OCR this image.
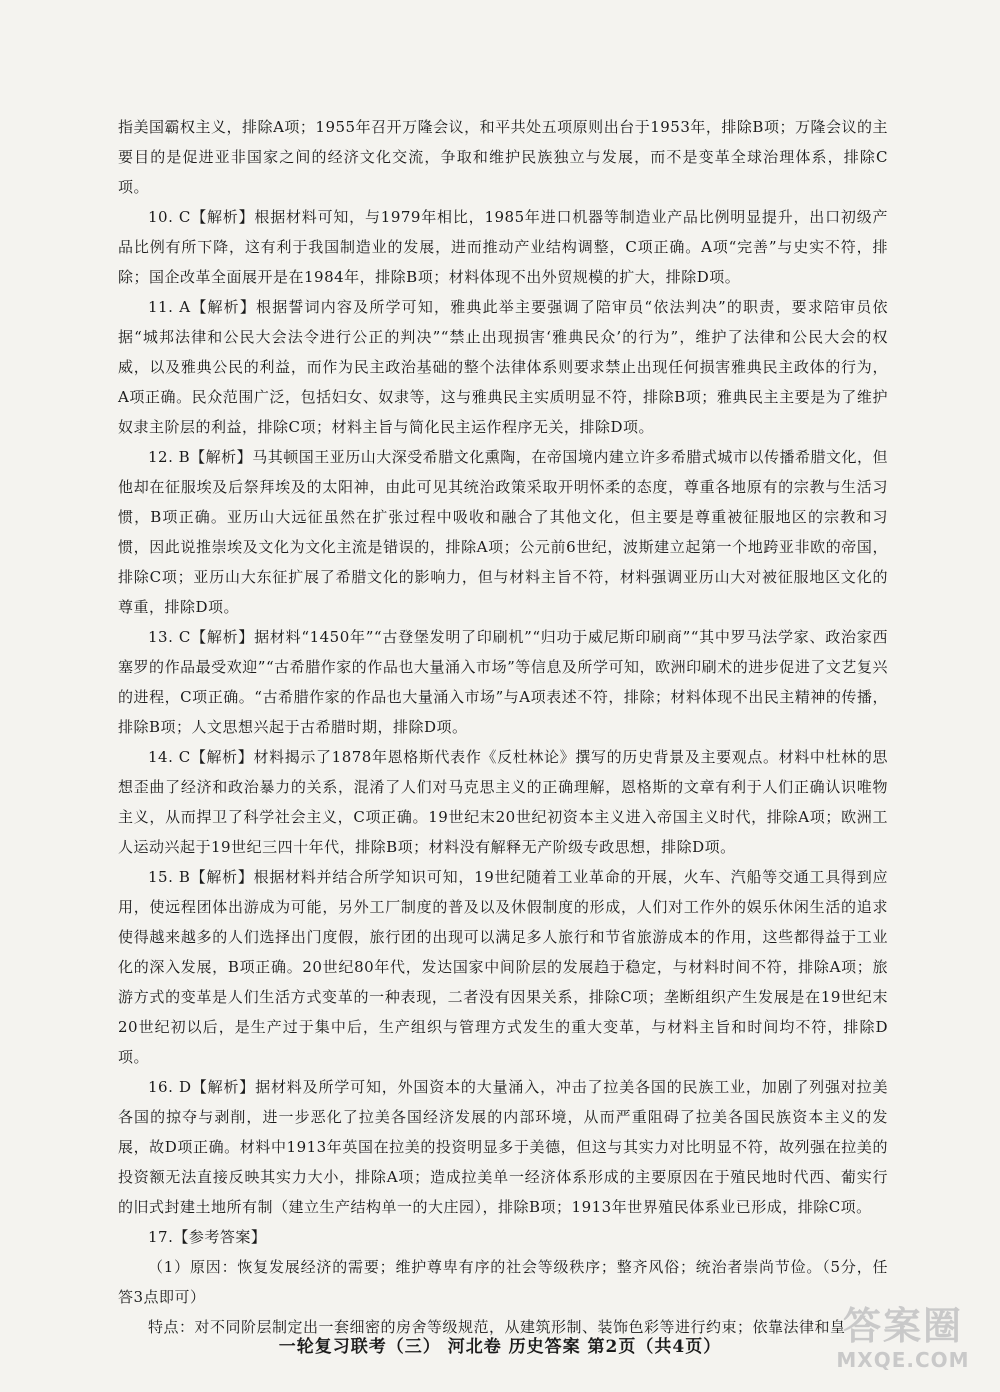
指美国霸权主义，排除A项；1955年召开万隆会议，和平共处五项原则出台于1953年，排除B项；万隆会议的主要目的是促进亚非国家之间的经济文化交流，争取和维护民族独立与发展，而不是变革全球治理体系，排除C项。

10. C【解析】根据材料可知，与1979年相比，1985年进口机器等制造业产品比例明显提升，出口初级产品比例有所下降，这有利于我国制造业的发展，进而推动产业结构调整，C项正确。A项“完善”与史实不符，排除；国企改革全面展开是在1984年，排除B项；材料体现不出外贸规模的扩大，排除D项。

11. A【解析】根据誓词内容及所学可知，雅典此举主要强调了陪审员“依法判决”的职责，要求陪审员依据“城邦法律和公民大会法令进行公正的判决”“禁止出现损害‘雅典民众’的行为”，维护了法律和公民大会的权威，以及雅典公民的利益，而作为民主政治基础的整个法律体系则要求禁止出现任何损害雅典民主政体的行为，A项正确。民众范围广泛，包括妇女、奴隶等，这与雅典民主实质明显不符，排除B项；雅典民主主要是为了维护奴隶主阶层的利益，排除C项；材料主旨与简化民主运作程序无关，排除D项。

12. B【解析】马其顿国王亚历山大深受希腊文化熏陶，在帝国境内建立许多希腊式城市以传播希腊文化，但他却在征服埃及后祭拜埃及的太阳神，由此可见其统治政策采取开明怀柔的态度，尊重各地原有的宗教与生活习惯，B项正确。亚历山大远征虽然在扩张过程中吸收和融合了其他文化，但主要是尊重被征服地区的宗教和习惯，因此说推崇埃及文化为文化主流是错误的，排除A项；公元前6世纪，波斯建立起第一个地跨亚非欧的帝国，排除C项；亚历山大东征扩展了希腊文化的影响力，但与材料主旨不符，材料强调亚历山大对被征服地区文化的尊重，排除D项。

13. C【解析】据材料“1450年”“古登堡发明了印刷机”“归功于威尼斯印刷商”“其中罗马法学家、政治家西塞罗的作品最受欢迎”“古希腊作家的作品也大量涌入市场”等信息及所学可知，欧洲印刷术的进步促进了文艺复兴的进程，C项正确。“古希腊作家的作品也大量涌入市场”与A项表述不符，排除；材料体现不出民主精神的传播，排除B项；人文思想兴起于古希腊时期，排除D项。

14. C【解析】材料揭示了1878年恩格斯代表作《反杜林论》撰写的历史背景及主要观点。材料中杜林的思想歪曲了经济和政治暴力的关系，混淆了人们对马克思主义的正确理解，恩格斯的文章有利于人们正确认识唯物主义，从而捍卫了科学社会主义，C项正确。19世纪末20世纪初资本主义进入帝国主义时代，排除A项；欧洲工人运动兴起于19世纪三四十年代，排除B项；材料没有解释无产阶级专政思想，排除D项。

15. B【解析】根据材料并结合所学知识可知，19世纪随着工业革命的开展，火车、汽船等交通工具得到应用，使远程团体出游成为可能，另外工厂制度的普及以及休假制度的形成，人们对工作外的娱乐休闲生活的追求使得越来越多的人们选择出门度假，旅行团的出现可以满足多人旅行和节省旅游成本的作用，这些都得益于工业化的深入发展，B项正确。20世纪80年代，发达国家中间阶层的发展趋于稳定，与材料时间不符，排除A项；旅游方式的变革是人们生活方式变革的一种表现，二者没有因果关系，排除C项；垄断组织产生发展是在19世纪末20世纪初以后，是生产过于集中后，生产组织与管理方式发生的重大变革，与材料主旨和时间均不符，排除D项。

16. D【解析】据材料及所学可知，外国资本的大量涌入，冲击了拉美各国的民族工业，加剧了列强对拉美各国的掠夺与剥削，进一步恶化了拉美各国经济发展的内部环境，从而严重阻碍了拉美各国民族资本主义的发展，故D项正确。材料中1913年英国在拉美的投资明显多于美德，但这与其实力对比明显不符，故列强在拉美的投资额无法直接反映其实力大小，排除A项；造成拉美单一经济体系形成的主要原因在于殖民地时代西、葡实行的旧式封建土地所有制（建立生产结构单一的大庄园），排除B项；1913年世界殖民体系业已形成，排除C项。

17.【参考答案】

（1）原因：恢复发展经济的需要；维护尊卑有序的社会等级秩序；整齐风俗；统治者崇尚节俭。（5分，任答3点即可）

特点：对不同阶层制定出一套细密的房舍等级规范，从建筑形制、装饰色彩等进行约束；依靠法律和皇

一轮复习联考（三） 河北卷 历史答案 第2页（共4页）	答案圈
MXQE.COM
